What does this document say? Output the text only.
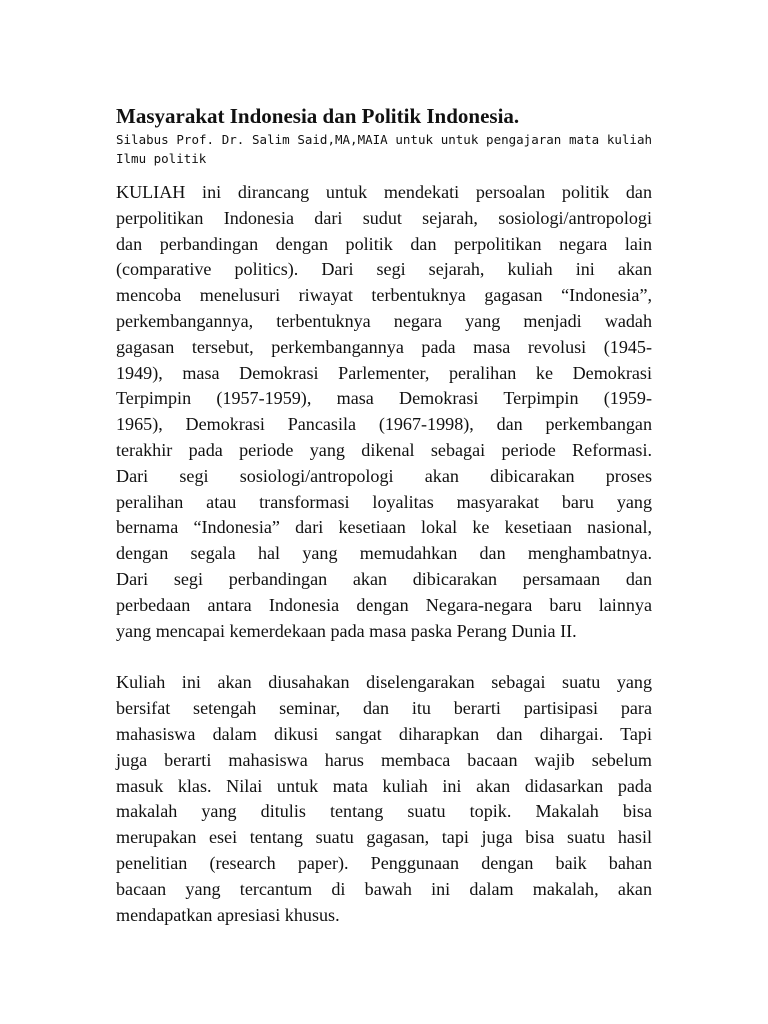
Masyarakat Indonesia dan Politik Indonesia.

Silabus Prof. Dr. Salim Said,MA,MAIA untuk untuk pengajaran mata kuliah Ilmu politik

KULIAH ini dirancang untuk mendekati persoalan politik dan
perpolitikan Indonesia dari sudut sejarah, sosiologi/antropologi
dan perbandingan dengan politik dan perpolitikan negara lain
(comparative politics). Dari segi sejarah, kuliah ini akan
mencoba menelusuri riwayat terbentuknya gagasan “Indonesia”,
perkembangannya, terbentuknya negara yang menjadi wadah
gagasan tersebut, perkembangannya pada masa revolusi (1945-
1949), masa Demokrasi Parlementer, peralihan ke Demokrasi
Terpimpin (1957-1959), masa Demokrasi Terpimpin (1959-
1965), Demokrasi Pancasila (1967-1998), dan perkembangan
terakhir pada periode yang dikenal sebagai periode Reformasi.
Dari segi sosiologi/antropologi akan dibicarakan proses
peralihan atau transformasi loyalitas masyarakat baru yang
bernama “Indonesia” dari kesetiaan lokal ke kesetiaan nasional,
dengan segala hal yang memudahkan dan menghambatnya.
Dari segi perbandingan akan dibicarakan persamaan dan
perbedaan antara Indonesia dengan Negara-negara baru lainnya
yang mencapai kemerdekaan pada masa paska Perang Dunia II.

Kuliah ini akan diusahakan diselengarakan sebagai suatu yang
bersifat setengah seminar, dan itu berarti partisipasi para
mahasiswa dalam dikusi sangat diharapkan dan dihargai. Tapi
juga berarti mahasiswa harus membaca bacaan wajib sebelum
masuk klas. Nilai untuk mata kuliah ini akan didasarkan pada
makalah yang ditulis tentang suatu topik. Makalah bisa
merupakan esei tentang suatu gagasan, tapi juga bisa suatu hasil
penelitian (research paper). Penggunaan dengan baik bahan
bacaan yang tercantum di bawah ini dalam makalah, akan
mendapatkan apresiasi khusus.
